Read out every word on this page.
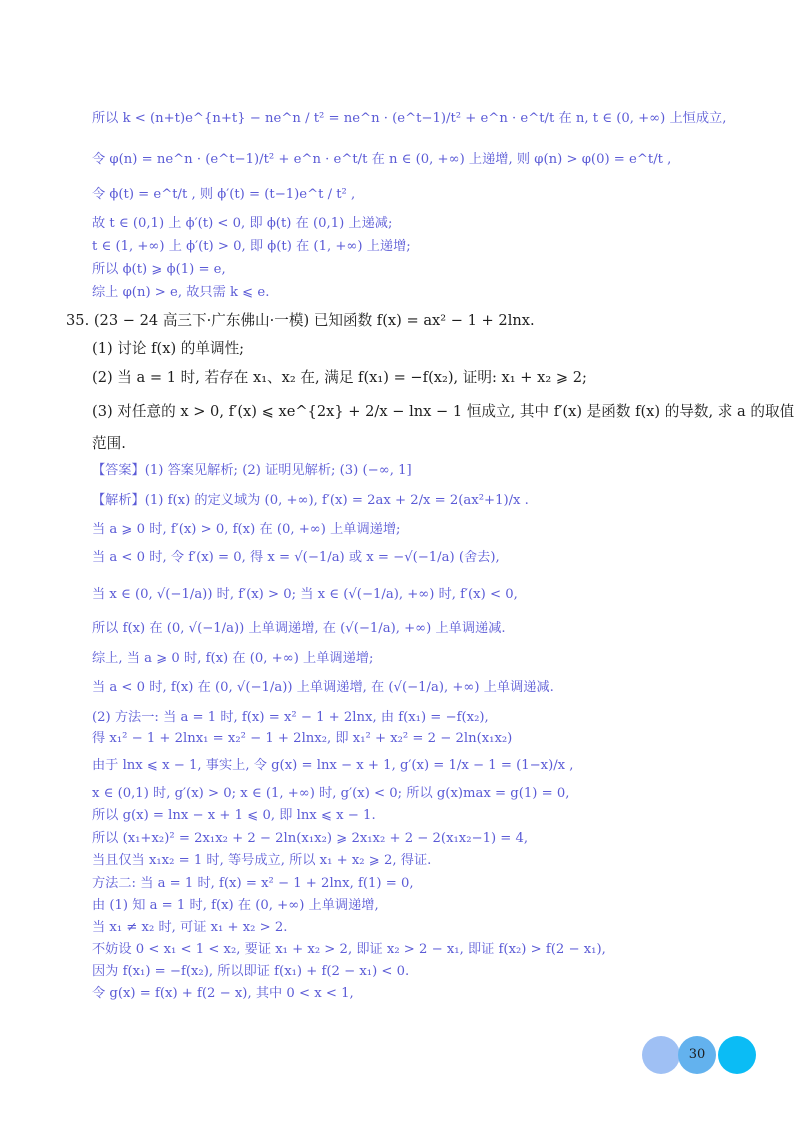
所以 k < (n+t)e^{n+t} − ne^n / t² = ne^n · (e^t−1)/t² + e^n · e^t/t 在 n, t ∈ (0, +∞) 上恒成立,
令 φ(n) = ne^n · (e^t−1)/t² + e^n · e^t/t 在 n ∈ (0, +∞) 上递增, 则 φ(n) > φ(0) = e^t/t ,
令 ϕ(t) = e^t/t , 则 ϕ′(t) = (t−1)e^t / t² ,
故 t ∈ (0,1) 上 ϕ′(t) < 0, 即 ϕ(t) 在 (0,1) 上递减;
t ∈ (1, +∞) 上 ϕ′(t) > 0, 即 ϕ(t) 在 (1, +∞) 上递增;
所以 ϕ(t) ⩾ ϕ(1) = e,
综上 φ(n) > e, 故只需 k ⩽ e.
35. (23 − 24 高三下·广东佛山·一模) 已知函数 f(x) = ax² − 1 + 2lnx.
(1) 讨论 f(x) 的单调性;
(2) 当 a = 1 时, 若存在 x₁、x₂ 在, 满足 f(x₁) = −f(x₂), 证明: x₁ + x₂ ⩾ 2;
(3) 对任意的 x > 0, f′(x) ⩽ xe^{2x} + 2/x − lnx − 1 恒成立, 其中 f′(x) 是函数 f(x) 的导数, 求 a 的取值
范围.
【答案】(1) 答案见解析; (2) 证明见解析; (3) (−∞, 1]
【解析】(1) f(x) 的定义域为 (0, +∞), f′(x) = 2ax + 2/x = 2(ax²+1)/x .
当 a ⩾ 0 时, f′(x) > 0, f(x) 在 (0, +∞) 上单调递增;
当 a < 0 时, 令 f′(x) = 0, 得 x = √(−1/a) 或 x = −√(−1/a) (舍去),
当 x ∈ (0, √(−1/a)) 时, f′(x) > 0; 当 x ∈ (√(−1/a), +∞) 时, f′(x) < 0,
所以 f(x) 在 (0, √(−1/a)) 上单调递增, 在 (√(−1/a), +∞) 上单调递减.
综上, 当 a ⩾ 0 时, f(x) 在 (0, +∞) 上单调递增;
当 a < 0 时, f(x) 在 (0, √(−1/a)) 上单调递增, 在 (√(−1/a), +∞) 上单调递减.
(2) 方法一: 当 a = 1 时, f(x) = x² − 1 + 2lnx, 由 f(x₁) = −f(x₂),
得 x₁² − 1 + 2lnx₁ = x₂² − 1 + 2lnx₂, 即 x₁² + x₂² = 2 − 2ln(x₁x₂)
由于 lnx ⩽ x − 1, 事实上, 令 g(x) = lnx − x + 1, g′(x) = 1/x − 1 = (1−x)/x ,
x ∈ (0,1) 时, g′(x) > 0; x ∈ (1, +∞) 时, g′(x) < 0; 所以 g(x)max = g(1) = 0,
所以 g(x) = lnx − x + 1 ⩽ 0, 即 lnx ⩽ x − 1.
所以 (x₁+x₂)² = 2x₁x₂ + 2 − 2ln(x₁x₂) ⩾ 2x₁x₂ + 2 − 2(x₁x₂−1) = 4,
当且仅当 x₁x₂ = 1 时, 等号成立, 所以 x₁ + x₂ ⩾ 2, 得证.
方法二: 当 a = 1 时, f(x) = x² − 1 + 2lnx, f(1) = 0,
由 (1) 知 a = 1 时, f(x) 在 (0, +∞) 上单调递增,
当 x₁ ≠ x₂ 时, 可证 x₁ + x₂ > 2.
不妨设 0 < x₁ < 1 < x₂, 要证 x₁ + x₂ > 2, 即证 x₂ > 2 − x₁, 即证 f(x₂) > f(2 − x₁),
因为 f(x₁) = −f(x₂), 所以即证 f(x₁) + f(2 − x₁) < 0.
令 g(x) = f(x) + f(2 − x), 其中 0 < x < 1,
30
